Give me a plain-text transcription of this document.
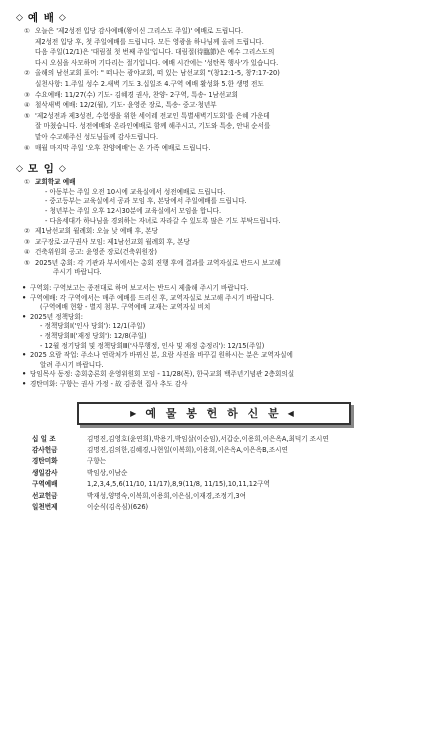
◇ 예 배 ◇
① 오늘은 '제2성전 입당 감사예배(왕이신 그리스도 주일)' 예배로 드립니다.
제2성전 입당 후, 첫 주일예배를 드립니다. 모든 영광을 하나님께 올려 드립니다.
다음 주일(12/1)은 '대림절 첫 번째 주일'입니다. 대림절(待臨節)은 예수 그리스도의
다시 오심을 사모하며 기다리는 절기입니다. 예배 시간에는 '성탄목 행사'가 있습니다.
② 올해의 남선교회 표어: " 떠나는 광야교회, 떠 있는 남선교회 "(창12:1-5, 창7:17-20)
실천사항: 1.주일 성수 2.새벽 기도 3.십일조 4.구역 예배 활성화 5.한 생명 전도
③ 수요예배: 11/27(수) 기도- 김혜경 권사, 찬양- 2구역, 특송- 1남선교회
④ 철삭새벽 예배: 12/2(월), 기도- 윤영준 장로, 특송- 중고·청년부
⑤ '제2성전과 제3성전, 수험생을 위한 세이레 전교인 특별새벽기도회'를 은혜 가운데
잘 마쳤습니다. 성전예배와 온라인예배로 함께 해주시고, 기도와 특송, 안내 순서를
맡아 수고해주신 성도님들께 감사드립니다.
⑥ 매월 마지막 주일 '오후 찬양예배'는 온 가족 예배로 드립니다.
◇ 모 임 ◇
① 교회학교 예배
- 아동부는 주일 오전 10시에 교육실에서 성전예배로 드립니다.
- 중고등부는 교육실에서 공과 모임 후, 본당에서 주일예배를 드립니다.
- 청년부는 주일 오후 12시30분에 교육실에서 모임을 합니다.
- 다음세대가 하나님을 경외하는 자녀로 자라갈 수 있도록 많은 기도 부탁드립니다.
② 제1남선교회 월례회: 오늘 낮 예배 후, 본당
③ 교구장로·교구권사 모임: 제1남선교회 월례회 후, 본당
④ 건축위원회 공고: 윤영준 장로(건축위원장)
⑤ 2025년 총회: 각 기관과 부서에서는 총회 진행 후에 결과를 교역자실로 반드시 보고해
주시기 바랍니다.
• 구역회: 구역보고는 종전대로 하며 보고서는 반드시 제출해 주시기 바랍니다.
• 구역예배: 각 구역에서는 매주 예배를 드리신 후, 교역자실로 보고해 주시기 바랍니다.
(구역예배 현황 - 별지 첨부. 구역예배 교재는 교역자실 비치
• 2025년 정책당회:
- 정책당회Ⅰ('인사 당회'): 12/1(주일)
- 정책당회Ⅱ('재정 당회'): 12/8(주일)
- 12월 정기당회 및 정책당회Ⅲ('사무행정, 인사 및 재정 총정리'): 12/15(주일)
• 2025 요람 작업: 주소나 연락처가 바뀌신 분, 요람 사진을 바꾸길 원하시는 분은 교역자실에
알려 주시기 바랍니다.
• 당임목사 동정: 총회총론회 운영위원회 모임 - 11/28(목), 한국교회 백주년기념관 2층회의실
• 경탄미화: 구향는 권사 가정 - 故 김종현 집사 추도 감사
▶ 예 물 봉 헌 하 신 분 ◀
십 일 조	김명진,김영호(윤연희),박용기,박임살(이순임),서갑순,이용희,이은옥A,최덕기 조시연
감사헌금	김명진,김의한,김혜경,나현일(이복희),이용희,이은옥A,이은옥B,조시연
경탄미화	구향는
생일감사	박임상,이남순
구역예배	1,2,3,4,5,6(11/10, 11/17),8,9(11/8, 11/15),10,11,12구역
선교헌금	박재성,양명숙,이복희,이용희,이은심,이재경,조정기,3여
일천번제	이순식(김옥심)(626)
